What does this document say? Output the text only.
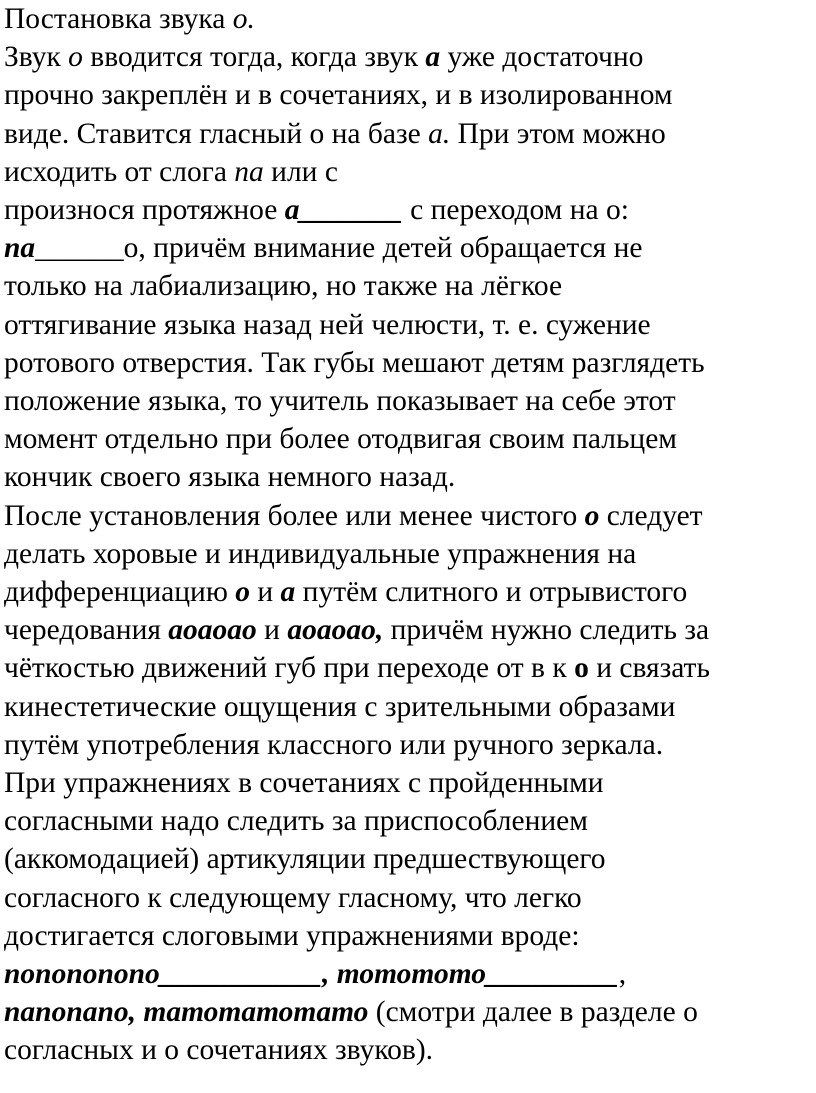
Постановка звука о.
Звук о вводится тогда, когда звук а уже достаточно
прочно закреплён и в сочетаниях, и в изолированном
виде. Ставится гласный о на базе а. При этом можно
исходить от слога па или с
произнося протяжное а_______ с переходом на о:
па______о, причём внимание детей обращается не
только на лабиализацию, но также на лёгкое
оттягивание языка назад ней челюсти, т. е. сужение
ротового отверстия. Так губы мешают детям разглядеть
положение языка, то учитель показывает на себе этот
момент отдельно при более отодвигая своим пальцем
кончик своего языка немного назад.
После установления более или менее чистого о следует
делать хоровые и индивидуальные упражнения на
дифференциацию о и а путём слитного и отрывистого
чередования аоаоао и аоаоао, причём нужно следить за
чёткостью движений губ при переходе от в к о и связать
кинестетические ощущения с зрительными образами
путём употребления классного или ручного зеркала.
При упражнениях в сочетаниях с пройденными
согласными надо следить за приспособлением
(аккомодацией) артикуляции предшествующего
согласного к следующему гласному, что легко
достигается слоговыми упражнениями вроде:
попопопопо___________, тототото_________,
папопапо, татотатотато (смотри далее в разделе о
согласных и о сочетаниях звуков).
